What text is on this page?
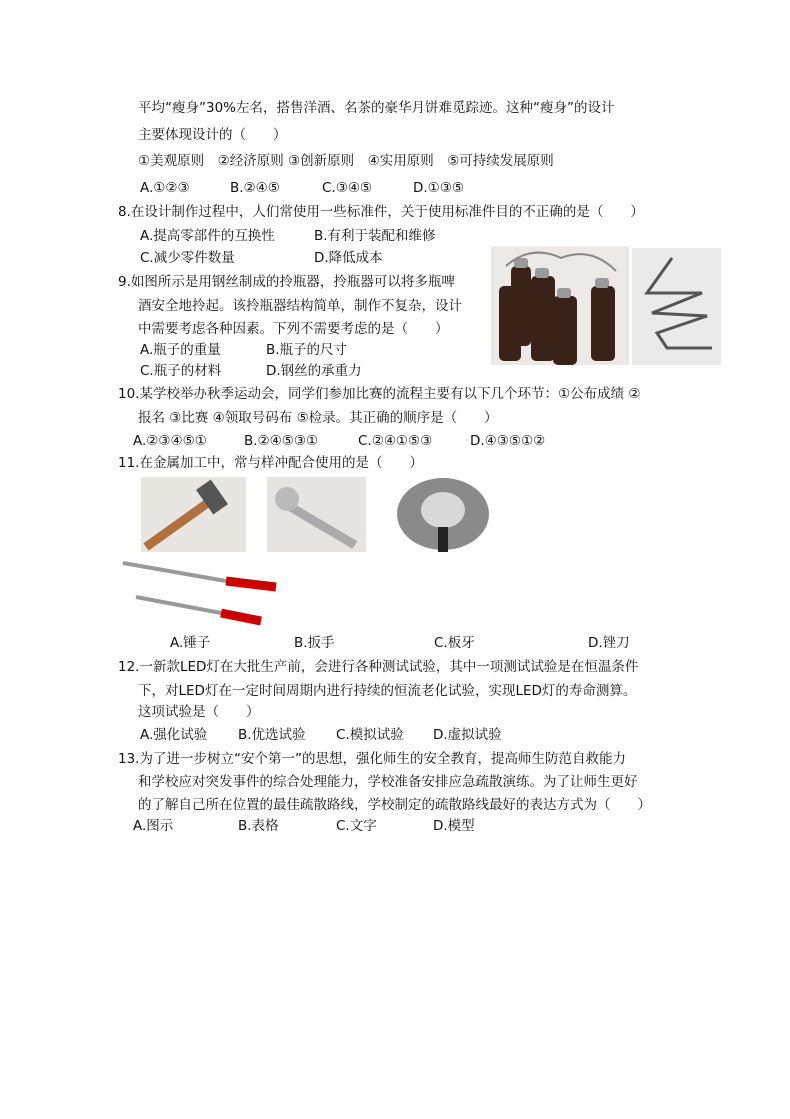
平均“瘦身”30%左名，搭售洋酒、名茶的豪华月饼难觅踪迹。这种“瘦身”的设计
主要体现设计的（　　）
①美观原则　②经济原则 ③创新原则　④实用原则　⑤可持续发展原则
A.①②③	B.②④⑤	C.③④⑤	D.①③⑤
8.在设计制作过程中，人们常使用一些标准件，关于使用标准件目的不正确的是（　　）
A.提高零部件的互换性	B.有利于装配和维修
C.减少零件数量	D.降低成本
9.如图所示是用钢丝制成的拎瓶器，拎瓶器可以将多瓶啤
酒安全地拎起。该拎瓶器结构简单，制作不复杂，设计
中需要考虑各种因素。下列不需要考虑的是（　　）
A.瓶子的重量	B.瓶子的尺寸
C.瓶子的材料	D.钢丝的承重力
10.某学校举办秋季运动会，同学们参加比赛的流程主要有以下几个环节：①公布成绩 ②
报名 ③比赛 ④领取号码布 ⑤检录。其正确的顺序是（　　）
A.②③④⑤①	B.②④⑤③①	C.②④①⑤③	D.④③⑤①②
11.在金属加工中，常与样冲配合使用的是（　　）
A.锤子	B.扳手	C.板牙	D.锉刀
12.一新款LED灯在大批生产前，会进行各种测试试验，其中一项测试试验是在恒温条件
下，对LED灯在一定时间周期内进行持续的恒流老化试验，实现LED灯的寿命测算。
这项试验是（　　）
A.强化试验 B.优选试验 C.模拟试验 D.虚拟试验
13.为了进一步树立“安个第一”的思想，强化师生的安全教育，提高师生防范自救能力
和学校应对突发事件的综合处理能力，学校准备安排应急疏散演练。为了让师生更好
的了解自己所在位置的最佳疏散路线，学校制定的疏散路线最好的表达方式为（　　）
A.图示	B.表格	C.文字	D.模型
